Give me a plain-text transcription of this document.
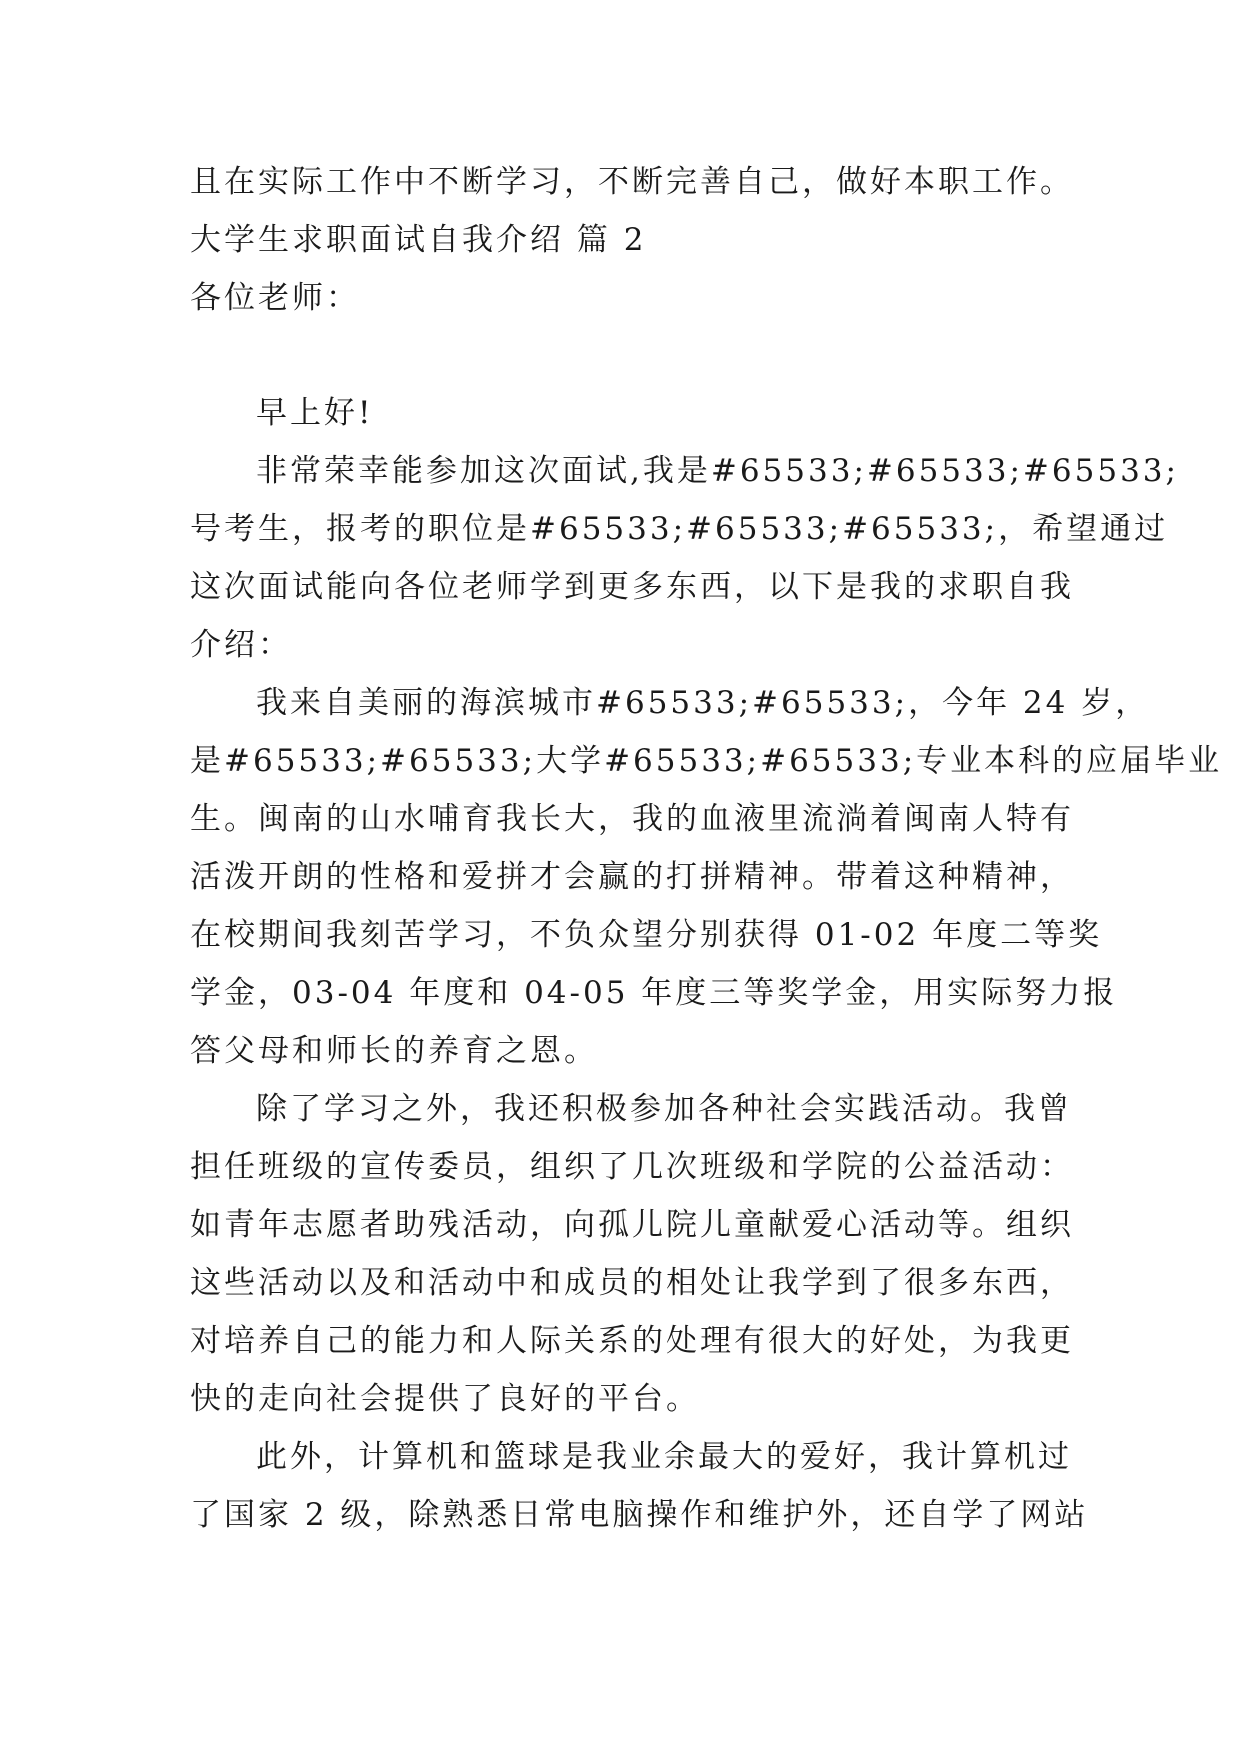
且在实际工作中不断学习，不断完善自己，做好本职工作。
大学生求职面试自我介绍 篇 2
各位老师：
早上好!
非常荣幸能参加这次面试,我是#65533;#65533;#65533;
号考生，报考的职位是#65533;#65533;#65533;，希望通过
这次面试能向各位老师学到更多东西，以下是我的求职自我
介绍：
我来自美丽的海滨城市#65533;#65533;，今年 24 岁，
是#65533;#65533;大学#65533;#65533;专业本科的应届毕业
生。闽南的山水哺育我长大，我的血液里流淌着闽南人特有
活泼开朗的性格和爱拼才会赢的打拼精神。带着这种精神，
在校期间我刻苦学习，不负众望分别获得 01-02 年度二等奖
学金，03-04 年度和 04-05 年度三等奖学金，用实际努力报
答父母和师长的养育之恩。
除了学习之外，我还积极参加各种社会实践活动。我曾
担任班级的宣传委员，组织了几次班级和学院的公益活动：
如青年志愿者助残活动，向孤儿院儿童献爱心活动等。组织
这些活动以及和活动中和成员的相处让我学到了很多东西，
对培养自己的能力和人际关系的处理有很大的好处，为我更
快的走向社会提供了良好的平台。
此外，计算机和篮球是我业余最大的爱好，我计算机过
了国家 2 级，除熟悉日常电脑操作和维护外，还自学了网站
